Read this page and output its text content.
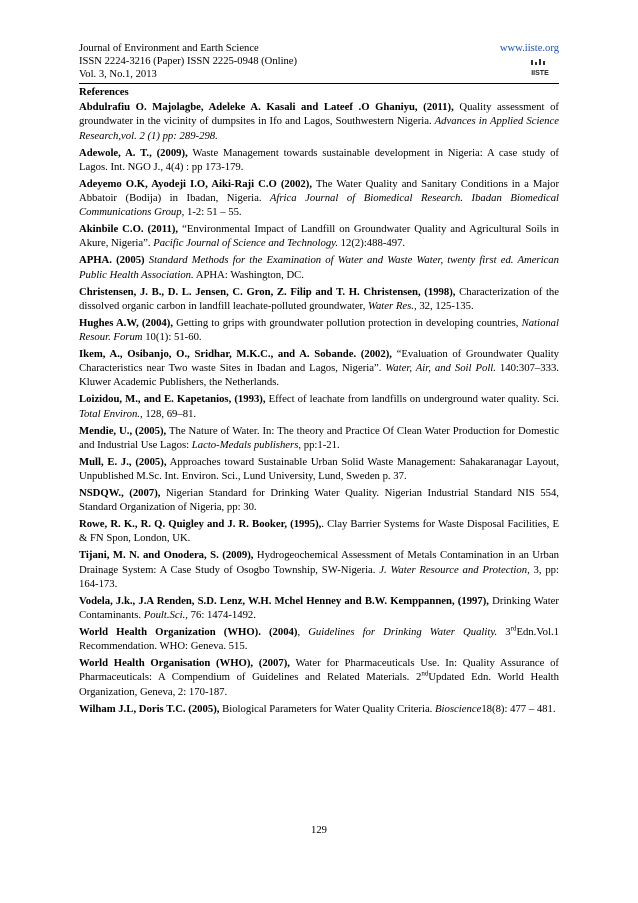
Journal of Environment and Earth Science
ISSN 2224-3216 (Paper) ISSN 2225-0948 (Online)
Vol. 3, No.1, 2013
www.iiste.org
IISTE
References

Abdulrafiu O. Majolagbe, Adeleke A. Kasali and Lateef .O Ghaniyu, (2011), Quality assessment of groundwater in the vicinity of dumpsites in Ifo and Lagos, Southwestern Nigeria. Advances in Applied Science Research,vol. 2 (1) pp: 289-298.

Adewole, A. T., (2009), Waste Management towards sustainable development in Nigeria: A case study of Lagos. Int. NGO J., 4(4) : pp 173-179.

Adeyemo O.K, Ayodeji I.O, Aiki-Raji C.O (2002), The Water Quality and Sanitary Conditions in a Major Abbatoir (Bodija) in Ibadan, Nigeria. Africa Journal of Biomedical Research. Ibadan Biomedical Communications Group, 1-2: 51 – 55.

Akinbile C.O. (2011), “Environmental Impact of Landfill on Groundwater Quality and Agricultural Soils in Akure, Nigeria”. Pacific Journal of Science and Technology. 12(2):488-497.

APHA. (2005) Standard Methods for the Examination of Water and Waste Water, twenty first ed. American Public Health Association. APHA: Washington, DC.

Christensen, J. B., D. L. Jensen, C. Gron, Z. Filip and T. H. Christensen, (1998), Characterization of the dissolved organic carbon in landfill leachate-polluted groundwater, Water Res., 32, 125-135.

Hughes A.W, (2004), Getting to grips with groundwater pollution protection in developing countries, National Resour. Forum 10(1): 51-60.

Ikem, A., Osibanjo, O., Sridhar, M.K.C., and A. Sobande. (2002), “Evaluation of Groundwater Quality Characteristics near Two waste Sites in Ibadan and Lagos, Nigeria”. Water, Air, and Soil Poll. 140:307–333. Kluwer Academic Publishers, the Netherlands.

Loizidou, M., and E. Kapetanios, (1993), Effect of leachate from landfills on underground water quality. Sci. Total Environ., 128, 69–81.

Mendie, U., (2005), The Nature of Water. In: The theory and Practice Of Clean Water Production for Domestic and Industrial Use Lagos: Lacto-Medals publishers, pp:1-21.

Mull, E. J., (2005), Approaches toward Sustainable Urban Solid Waste Management: Sahakaranagar Layout, Unpublished M.Sc. Int. Environ. Sci., Lund University, Lund, Sweden p. 37.

NSDQW., (2007), Nigerian Standard for Drinking Water Quality. Nigerian Industrial Standard NIS 554, Standard Organization of Nigeria, pp: 30.

Rowe, R. K., R. Q. Quigley and J. R. Booker, (1995),. Clay Barrier Systems for Waste Disposal Facilities, E & FN Spon, London, UK.

Tijani, M. N. and Onodera, S. (2009), Hydrogeochemical Assessment of Metals Contamination in an Urban Drainage System: A Case Study of Osogbo Township, SW-Nigeria. J. Water Resource and Protection, 3, pp: 164-173.

Vodela, J.k., J.A Renden, S.D. Lenz, W.H. Mchel Henney and B.W. Kemppannen, (1997), Drinking Water Contaminants. Poult.Sci., 76: 1474-1492.

World Health Organization (WHO). (2004), Guidelines for Drinking Water Quality. 3rdEdn.Vol.1 Recommendation. WHO: Geneva. 515.

World Health Organisation (WHO), (2007), Water for Pharmaceuticals Use. In: Quality Assurance of Pharmaceuticals: A Compendium of Guidelines and Related Materials. 2ndUpdated Edn. World Health Organization, Geneva, 2: 170-187.

Wilham J.L, Doris T.C. (2005), Biological Parameters for Water Quality Criteria. Bioscience18(8): 477 – 481.

129
